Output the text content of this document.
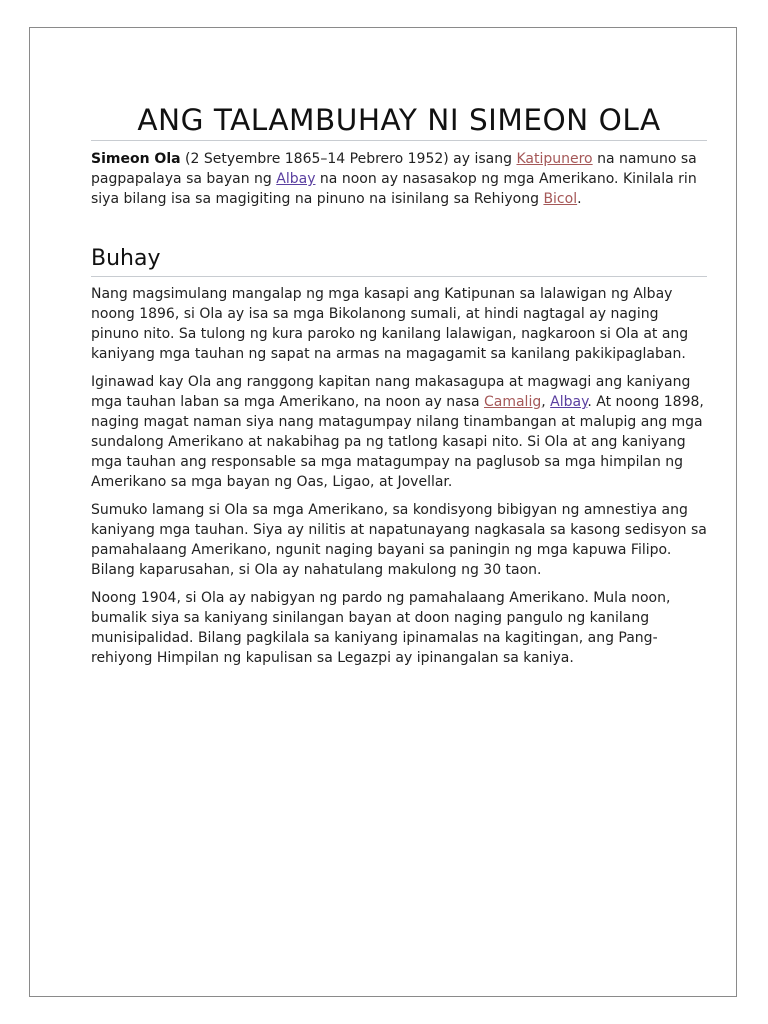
ANG TALAMBUHAY NI SIMEON OLA

Simeon Ola (2 Setyembre 1865–14 Pebrero 1952) ay isang Katipunero na namuno sa pagpapalaya sa bayan ng Albay na noon ay nasasakop ng mga Amerikano. Kinilala rin siya bilang isa sa magigiting na pinuno na isinilang sa Rehiyong Bicol.

Buhay

Nang magsimulang mangalap ng mga kasapi ang Katipunan sa lalawigan ng Albay noong 1896, si Ola ay isa sa mga Bikolanong sumali, at hindi nagtagal ay naging pinuno nito. Sa tulong ng kura paroko ng kanilang lalawigan, nagkaroon si Ola at ang kaniyang mga tauhan ng sapat na armas na magagamit sa kanilang pakikipaglaban.

Iginawad kay Ola ang ranggong kapitan nang makasagupa at magwagi ang kaniyang mga tauhan laban sa mga Amerikano, na noon ay nasa Camalig, Albay. At noong 1898, naging magat naman siya nang matagumpay nilang tinambangan at malupig ang mga sundalong Amerikano at nakabihag pa ng tatlong kasapi nito. Si Ola at ang kaniyang mga tauhan ang responsable sa mga matagumpay na paglusob sa mga himpilan ng Amerikano sa mga bayan ng Oas, Ligao, at Jovellar.

Sumuko lamang si Ola sa mga Amerikano, sa kondisyong bibigyan ng amnestiya ang kaniyang mga tauhan. Siya ay nilitis at napatunayang nagkasala sa kasong sedisyon sa pamahalaang Amerikano, ngunit naging bayani sa paningin ng mga kapuwa Filipo. Bilang kaparusahan, si Ola ay nahatulang makulong ng 30 taon.

Noong 1904, si Ola ay nabigyan ng pardo ng pamahalaang Amerikano. Mula noon, bumalik siya sa kaniyang sinilangan bayan at doon naging pangulo ng kanilang munisipalidad. Bilang pagkilala sa kaniyang ipinamalas na kagitingan, ang Pang-rehiyong Himpilan ng kapulisan sa Legazpi ay ipinangalan sa kaniya.
